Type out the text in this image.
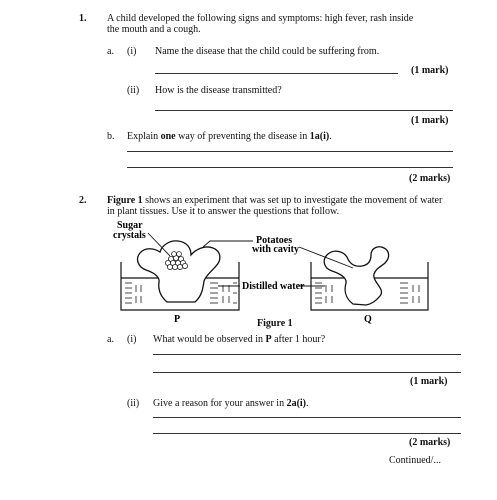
1. A child developed the following signs and symptoms: high fever, rash inside
the mouth and a cough.
a. (i) Name the disease that the child could be suffering from.
(1 mark)
(ii) How is the disease transmitted?
(1 mark)
b. Explain one way of preventing the disease in 1a(i).
(2 marks)
2. Figure 1 shows an experiment that was set up to investigate the movement of water
in plant tissues. Use it to answer the questions that follow.
Sugar
crystals	Potatoes
with cavity
Distilled water
P	Q
Figure 1
a. (i) What would be observed in P after 1 hour?
(1 mark)
(ii) Give a reason for your answer in 2a(i).
(2 marks)
Continued/...
